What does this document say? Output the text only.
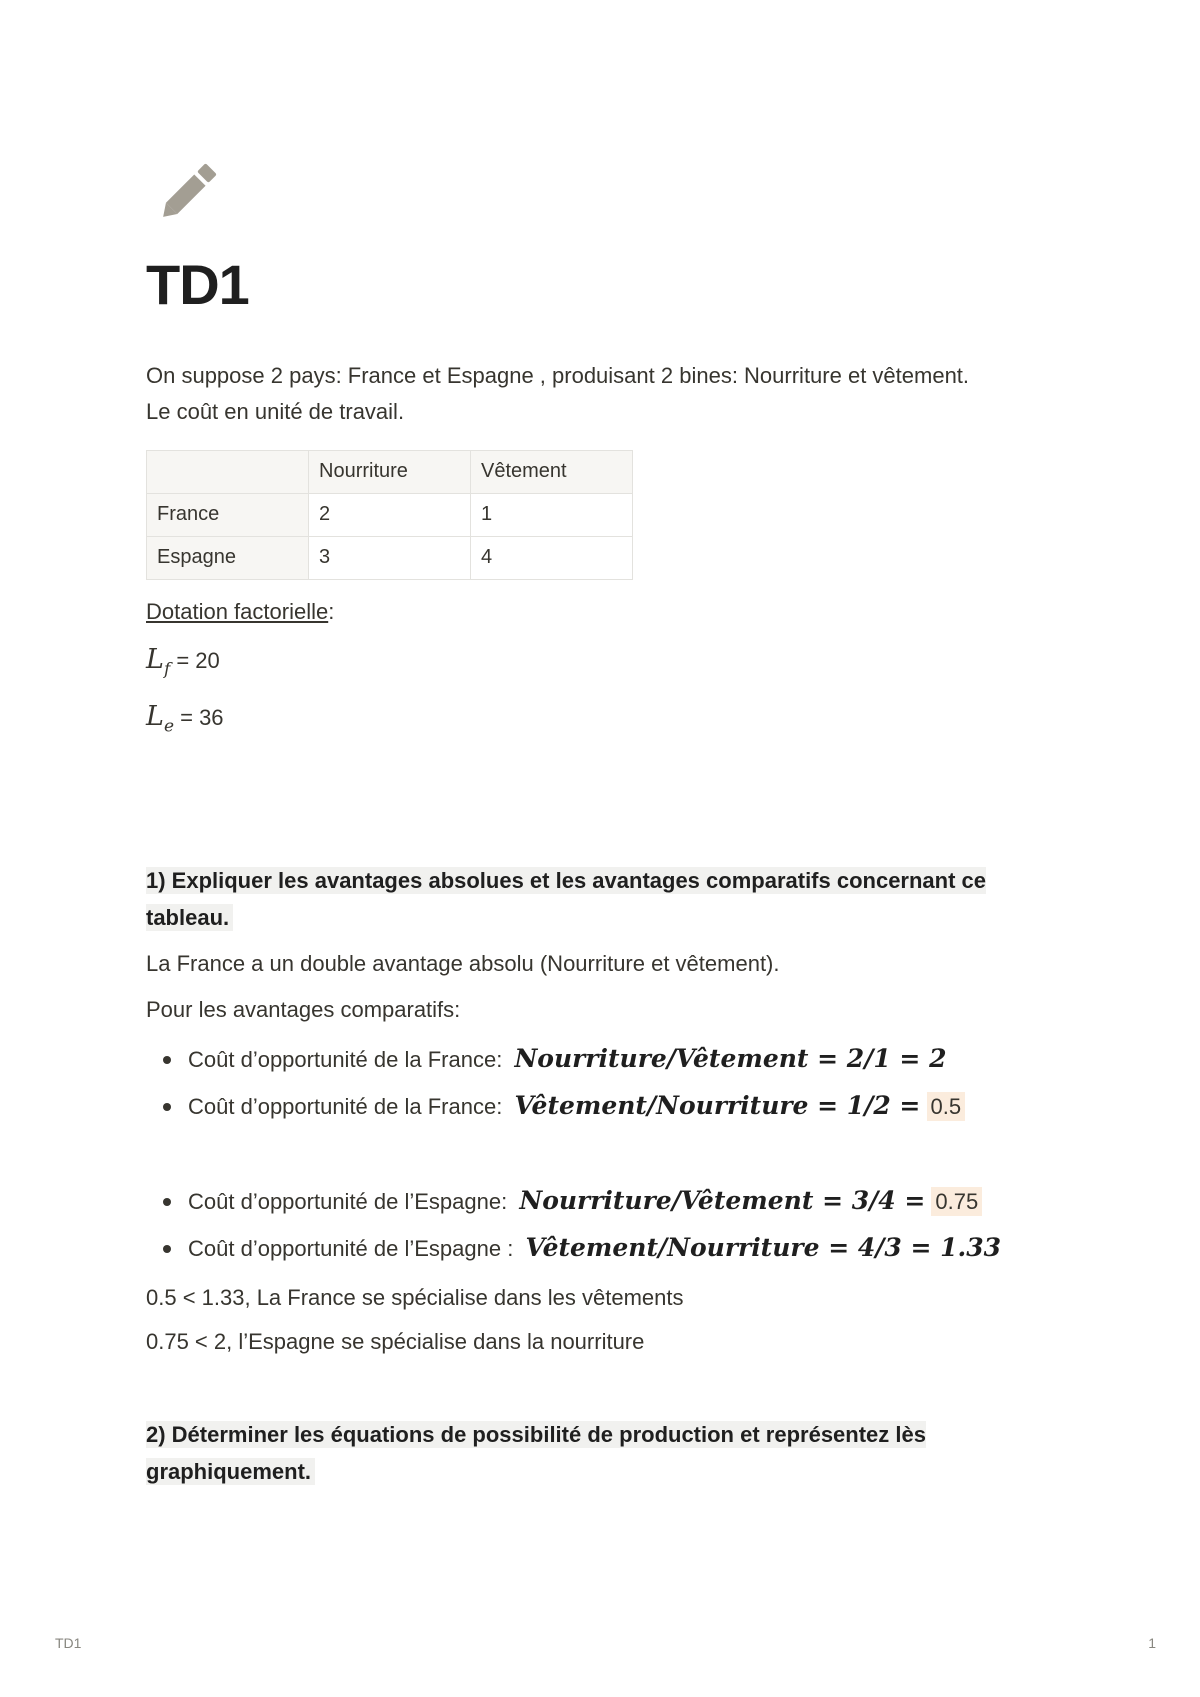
TD1

On suppose 2 pays: France et Espagne , produisant 2 bines: Nourriture et vêtement.

Le coût en unité de travail.

	Nourriture	Vêtement
France	2	1
Espagne	3	4
Dotation factorielle:
$L_f = 20$
$L_e = 36$
1) Expliquer les avantages absolues et les avantages comparatifs concernant ce tableau.
La France a un double avantage absolu (Nourriture et vêtement).
Pour les avantages comparatifs:
Coût d’opportunité de la France: Nourriture/Vêtement = 2/1 = 2
Coût d’opportunité de la France: Vêtement/Nourriture = 1/2 = 0.5
Coût d’opportunité de l’Espagne: Nourriture/Vêtement = 3/4 = 0.75
Coût d’opportunité de l’Espagne : Vêtement/Nourriture = 4/3 = 1.33
0.5 < 1.33, La France se spécialise dans les vêtements
0.75 < 2, l’Espagne se spécialise dans la nourriture
2) Déterminer les équations de possibilité de production et représentez lès graphiquement.
TD1	1
